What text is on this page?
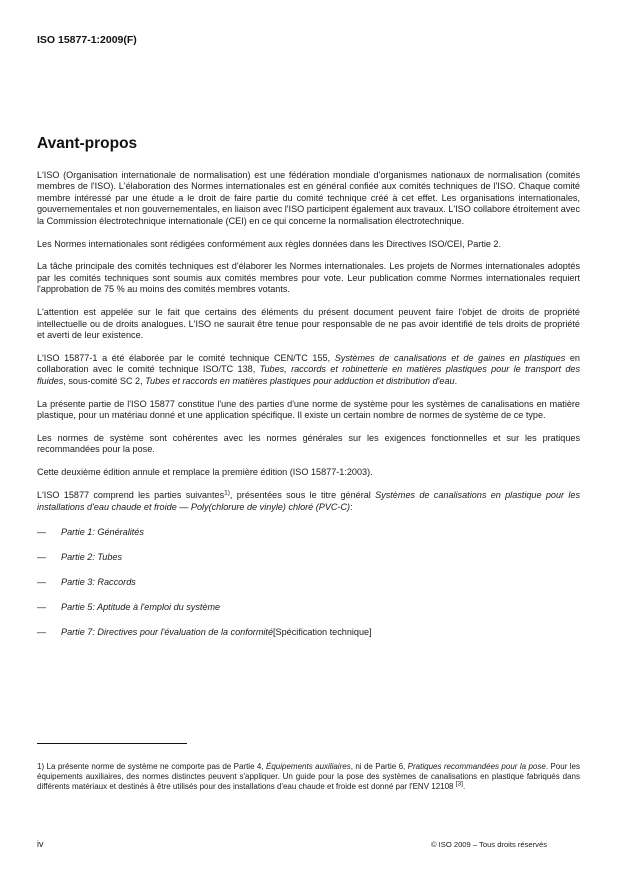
ISO 15877-1:2009(F)
Avant-propos

L'ISO (Organisation internationale de normalisation) est une fédération mondiale d'organismes nationaux de normalisation (comités membres de l'ISO). L'élaboration des Normes internationales est en général confiée aux comités techniques de l'ISO. Chaque comité membre intéressé par une étude a le droit de faire partie du comité technique créé à cet effet. Les organisations internationales, gouvernementales et non gouvernementales, en liaison avec l'ISO participent également aux travaux. L'ISO collabore étroitement avec la Commission électrotechnique internationale (CEI) en ce qui concerne la normalisation électrotechnique.

Les Normes internationales sont rédigées conformément aux règles données dans les Directives ISO/CEI, Partie 2.

La tâche principale des comités techniques est d'élaborer les Normes internationales. Les projets de Normes internationales adoptés par les comités techniques sont soumis aux comités membres pour vote. Leur publication comme Normes internationales requiert l'approbation de 75 % au moins des comités membres votants.

L'attention est appelée sur le fait que certains des éléments du présent document peuvent faire l'objet de droits de propriété intellectuelle ou de droits analogues. L'ISO ne saurait être tenue pour responsable de ne pas avoir identifié de tels droits de propriété et averti de leur existence.

L'ISO 15877-1 a été élaborée par le comité technique CEN/TC 155, Systèmes de canalisations et de gaines en plastiques en collaboration avec le comité technique ISO/TC 138, Tubes, raccords et robinetterie en matières plastiques pour le transport des fluides, sous-comité SC 2, Tubes et raccords en matières plastiques pour adduction et distribution d'eau.

La présente partie de l'ISO 15877 constitue l'une des parties d'une norme de système pour les systèmes de canalisations en matière plastique, pour un matériau donné et une application spécifique. Il existe un certain nombre de normes de système de ce type.

Les normes de système sont cohérentes avec les normes générales sur les exigences fonctionnelles et sur les pratiques recommandées pour la pose.

Cette deuxième édition annule et remplace la première édition (ISO 15877-1:2003).

L'ISO 15877 comprend les parties suivantes$^{1)}$, présentées sous le titre général Systèmes de canalisations en plastique pour les installations d'eau chaude et froide — Poly(chlorure de vinyle) chloré (PVC-C):

—	Partie 1: Généralités
—	Partie 2: Tubes
—	Partie 3: Raccords
—	Partie 5: Aptitude à l'emploi du système
—	Partie 7: Directives pour l'évaluation de la conformité [Spécification technique]
1) La présente norme de système ne comporte pas de Partie 4, Équipements auxiliaires, ni de Partie 6, Pratiques recommandées pour la pose. Pour les équipements auxiliaires, des normes distinctes peuvent s'appliquer. Un guide pour la pose des systèmes de canalisations en plastique fabriqués dans différents matériaux et destinés à être utilisés pour des installations d'eau chaude et froide est donné par l'ENV 12108 [3].
iv	© ISO 2009 – Tous droits réservés
